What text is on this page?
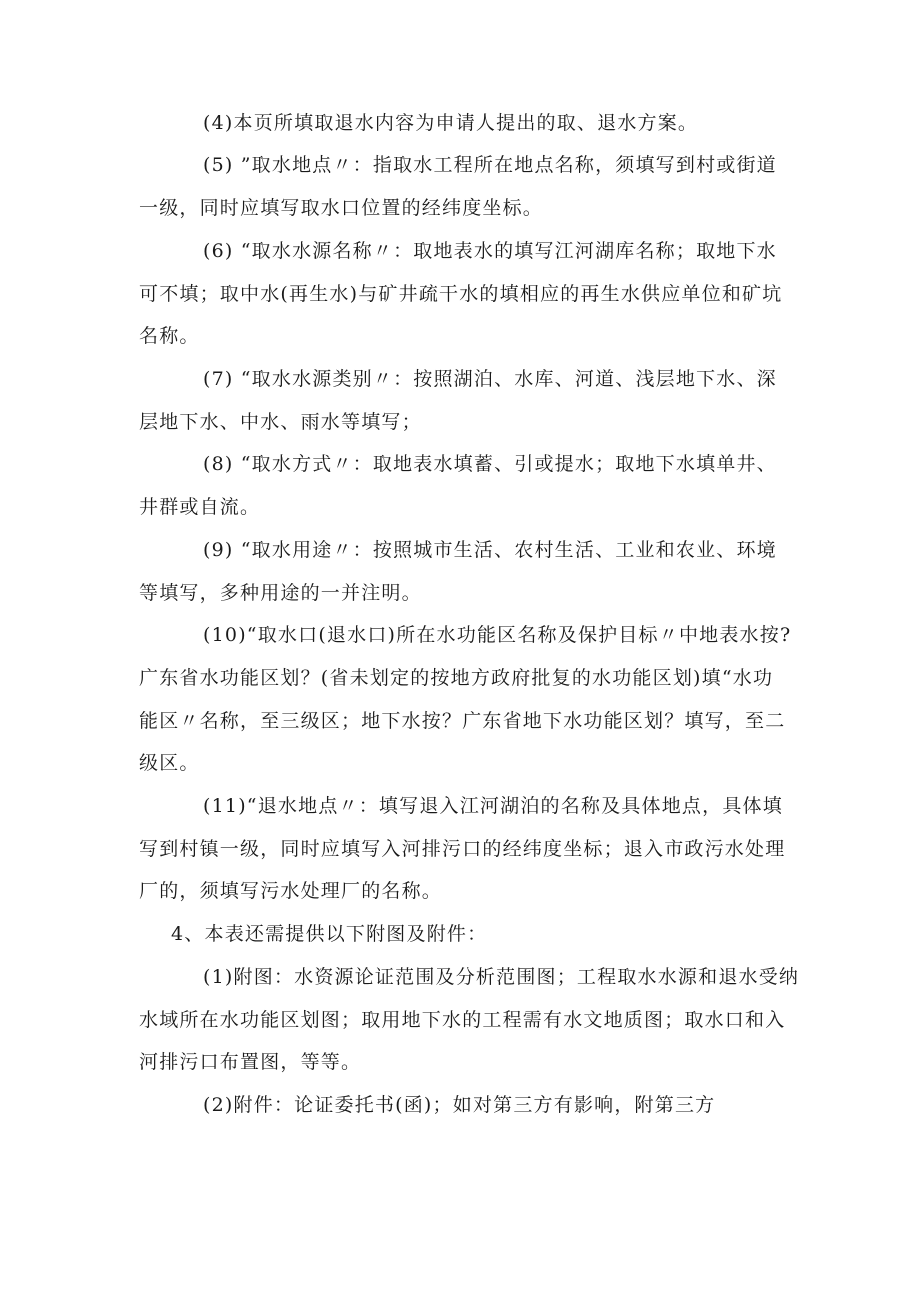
(4)本页所填取退水内容为申请人提出的取、退水方案。
(5) ”取水地点〃：指取水工程所在地点名称，须填写到村或街道
一级，同时应填写取水口位置的经纬度坐标。
(6) “取水水源名称〃：取地表水的填写江河湖库名称；取地下水
可不填；取中水(再生水)与矿井疏干水的填相应的再生水供应单位和矿坑
名称。
(7) “取水水源类别〃：按照湖泊、水库、河道、浅层地下水、深
层地下水、中水、雨水等填写；
(8) “取水方式〃：取地表水填蓄、引或提水；取地下水填单井、
井群或自流。
(9) “取水用途〃：按照城市生活、农村生活、工业和农业、环境
等填写，多种用途的一并注明。
(10)“取水口(退水口)所在水功能区名称及保护目标〃中地表水按?
广东省水功能区划？(省未划定的按地方政府批复的水功能区划)填“水功
能区〃名称，至三级区；地下水按？广东省地下水功能区划？填写，至二
级区。
(11)“退水地点〃：填写退入江河湖泊的名称及具体地点，具体填
写到村镇一级，同时应填写入河排污口的经纬度坐标；退入市政污水处理
厂的，须填写污水处理厂的名称。
4、本表还需提供以下附图及附件：
(1)附图：水资源论证范围及分析范围图；工程取水水源和退水受纳
水域所在水功能区划图；取用地下水的工程需有水文地质图；取水口和入
河排污口布置图，等等。
(2)附件：论证委托书(函)；如对第三方有影响，附第三方
